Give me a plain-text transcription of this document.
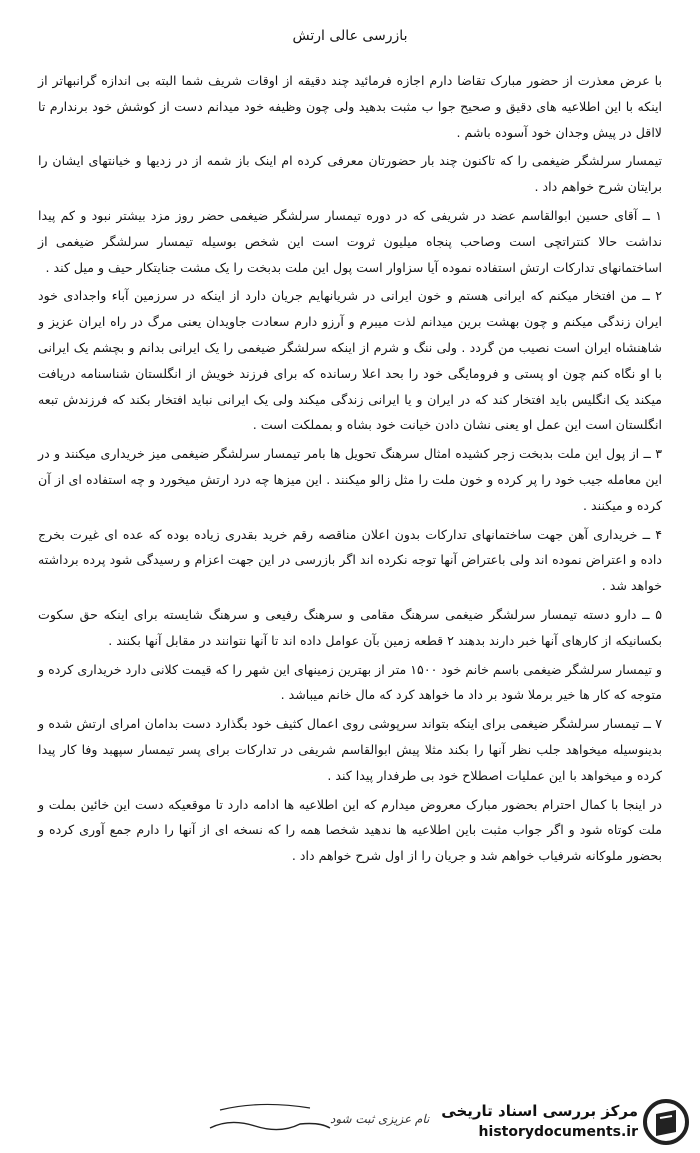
بازرسی عالی ارتش

با عرض معذرت از حضور مبارک تقاضا دارم اجازه فرمائید چند دقیقه از اوقات شریف شما البته بی اندازه گرانبهاتر از اینکه با این اطلاعیه های دقیق و صحیح جوا ب مثبت بدهید ولی چون وظیفه خود میدانم دست از کوشش خود برندارم تا لااقل در پیش وجدان خود آسوده باشم .

تیمسار سرلشگر ضیغمی را که تاکنون چند بار حضورتان معرفی کرده ام اینک باز شمه از در زدیها و خیانتهای ایشان را برایتان شرح خواهم داد .

۱ ــ آقای حسین ابوالقاسم عضد در شریفی که در دوره تیمسار سرلشگر ضیغمی حضر روز مزد بیشتر نبود و کم پیدا نداشت حالا کنتراتچی است وصاحب پنجاه میلیون ثروت است این شخص بوسیله تیمسار سرلشگر ضیغمی از اساختمانهای تدارکات ارتش استفاده نموده آیا سزاوار است پول این ملت بدبخت را یک مشت جنایتکار حیف و میل کند .

۲ ــ من افتخار میکنم که ایرانی هستم و خون ایرانی در شریانهایم جریان دارد از اینکه در سرزمین آباء واجدادی خود ایران زندگی میکنم و چون بهشت برین میدانم لذت میبرم و آرزو دارم سعادت جاویدان یعنی مرگ در راه ایران عزیز و شاهنشاه ایران است نصیب من گردد . ولی ننگ و شرم از اینکه سرلشگر ضیغمی را یک ایرانی بدانم و بچشم یک ایرانی با او نگاه کنم چون او پستی و فرومایگی خود را بحد اعلا رسانده که برای فرزند خویش از انگلستان شناسنامه دریافت میکند یک انگلیس باید افتخار کند که در ایران و یا ایرانی زندگی میکند ولی یک ایرانی نباید افتخار بکند که فرزندش تبعه انگلستان است این عمل او یعنی نشان دادن خیانت خود بشاه و بمملکت است .

۳ ــ از پول این ملت بدبخت زجر کشیده امثال سرهنگ تحویل ها بامر تیمسار سرلشگر ضیغمی میز خریداری میکنند و در این معامله جیب خود را پر کرده و خون ملت را مثل زالو میکنند . این میزها چه درد ارتش میخورد و چه استفاده ای از آن کرده و میکنند .

۴ ــ خریداری آهن جهت ساختمانهای تدارکات بدون اعلان مناقصه رقم خرید بقدری زیاده بوده که عده ای غیرت بخرج داده و اعتراض نموده اند ولی باعتراض آنها توجه نکرده اند اگر بازرسی در این جهت اعزام و رسیدگی شود پرده برداشته خواهد شد .

۵ ــ دارو دسته تیمسار سرلشگر ضیغمی سرهنگ مقامی و سرهنگ رفیعی و سرهنگ شایسته برای اینکه حق سکوت بکسانیکه از کارهای آنها خبر دارند بدهند ۲ قطعه زمین بآن عوامل داده اند تا آنها نتوانند در مقابل آنها بکنند .

و تیمسار سرلشگر ضیغمی باسم خانم خود ۱۵۰۰ متر از بهترین زمینهای این شهر را که قیمت کلانی دارد خریداری کرده و متوجه که کار ها خیر برملا شود بر داد ما خواهد کرد که مال خانم میباشد .

۷ ــ تیمسار سرلشگر ضیغمی برای اینکه بتواند سرپوشی روی اعمال کثیف خود بگذارد دست بدامان امرای ارتش شده و بدینوسیله میخواهد جلب نظر آنها را بکند مثلا پیش ابوالقاسم شریفی در تدارکات برای پسر تیمسار سپهبد وفا کار پیدا کرده و میخواهد با این عملیات اصطلاح خود بی طرفدار پیدا کند .

در اینجا با کمال احترام بحضور مبارک معروض میدارم که این اطلاعیه ها ادامه دارد تا موقعیکه دست این خائین بملت و ملت کوتاه شود و اگر جواب مثبت باین اطلاعیه ها ندهید شخصا همه را که نسخه ای از آنها را دارم جمع آوری کرده و بحضور ملوکانه شرفیاب خواهم شد و جریان را از اول شرح خواهم داد .

نام عزیزی ثبت شود مرکز بررسی اسناد تاریخی
historydocuments.ir
